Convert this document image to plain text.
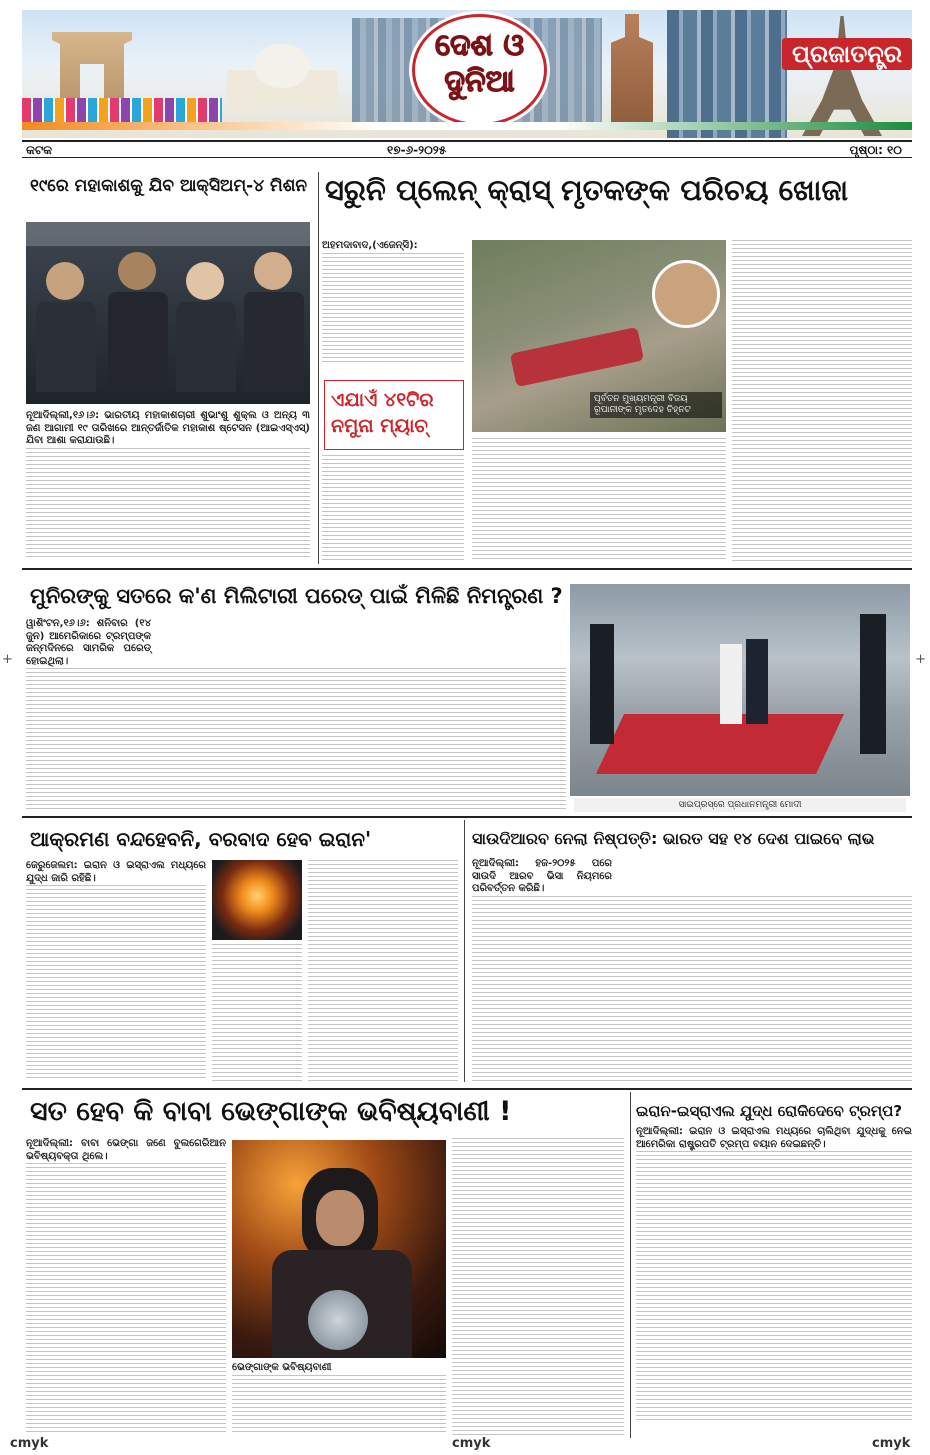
ଦେଶ ଓ ଦୁନିଆ
ପ୍ରଜାତନ୍ତ୍ର
କଟକ	୧୭-୬-୨୦୨୫	ପୃଷ୍ଠା: ୧୦
୧୯ରେ ମହାକାଶକୁ ଯିବ ଆକ୍ସିଅମ୍-୪ ମିଶନ
ନୂଆଦିଲ୍ଲୀ,୧୬।୬: ଭାରତୀୟ ମହାକାଶଚାରୀ ଶୁଭାଂଶୁ ଶୁକ୍ଲ ଓ ଅନ୍ୟ ୩ ଜଣ ଆଗାମୀ ୧୯ ତାରିଖରେ ଆନ୍ତର୍ଜାତିକ ମହାକାଶ ଷ୍ଟେସନ (ଆଇଏସ୍‌ଏସ୍) ଯିବା ଆଶା କରାଯାଉଛି।
ସରୁନି ପ୍ଲେନ୍ କ୍ରାସ୍ ମୃତକଙ୍କ ପରିଚୟ ଖୋଜା
ଅହମଦାବାଦ,(ଏଜେନ୍ସି):
ଏଯାଏଁ ୪୧ଟିର ନମୁନା ମ୍ୟାଚ୍
ପୂର୍ବତନ ମୁଖ୍ୟମନ୍ତ୍ରୀ ବିଜୟ ରୂପାନୀଙ୍କ ମୃତଦେହ ଚିହ୍ନଟ
ମୁନିରଙ୍କୁ ସତରେ କ'ଣ ମିଲିଟାରୀ ପରେଡ୍ ପାଇଁ ମିଳିଛି ନିମନ୍ତ୍ରଣ ?
ୱାଶିଂଟନ,୧୬।୬: ଶନିବାର (୧୪ ଜୁନ) ଆମେରିକାରେ ଟ୍ରମ୍ପଙ୍କ ଜନ୍ମଦିନରେ ସାମରିକ ପରେଡ୍ ହୋଇଥିଲା।
ସାଇପ୍ରସ୍‌ରେ ପ୍ରଧାନମନ୍ତ୍ରୀ ମୋଦୀ
ଆକ୍ରମଣ ବନ୍ଦହେବନି, ବରବାଦ ହେବ ଇରାନ'
ଜେରୁଜେଲମ: ଇରାନ ଓ ଇସ୍ରାଏଲ ମଧ୍ୟରେ ଯୁଦ୍ଧ ଜାରି ରହିଛି।
ସାଉଦିଆରବ ନେଲା ନିଷ୍ପତ୍ତି: ଭାରତ ସହ ୧୪ ଦେଶ ପାଇବେ ଲାଭ
ନୂଆଦିଲ୍ଲୀ: ହଜ-୨୦୨୫ ପରେ ସାଉଦି ଆରବ ଭିସା ନିୟମରେ ପରିବର୍ତ୍ତନ କରିଛି।
ସତ ହେବ କି ବାବା ଭେଙ୍ଗାଙ୍କ ଭବିଷ୍ୟବାଣୀ !
ନୂଆଦିଲ୍ଲୀ: ବାବା ଭେଙ୍ଗା ଜଣେ ବୁଲଗେରିଆନ ଭବିଷ୍ୟବକ୍ତା ଥିଲେ।
ଭେଙ୍ଗାଙ୍କ ଭବିଷ୍ୟବାଣୀ
ଇରାନ-ଇସ୍ରାଏଲ ଯୁଦ୍ଧ ରୋକିଦେବେ ଟ୍ରମ୍ପ?
ନୂଆଦିଲ୍ଲୀ: ଇରାନ ଓ ଇସ୍ରାଏଲ ମଧ୍ୟରେ ଚାଲିଥିବା ଯୁଦ୍ଧକୁ ନେଇ ଆମେରିକା ରାଷ୍ଟ୍ରପତି ଟ୍ରମ୍ପ ବୟାନ ଦେଇଛନ୍ତି।
+	+
cmyk	cmyk	cmyk
